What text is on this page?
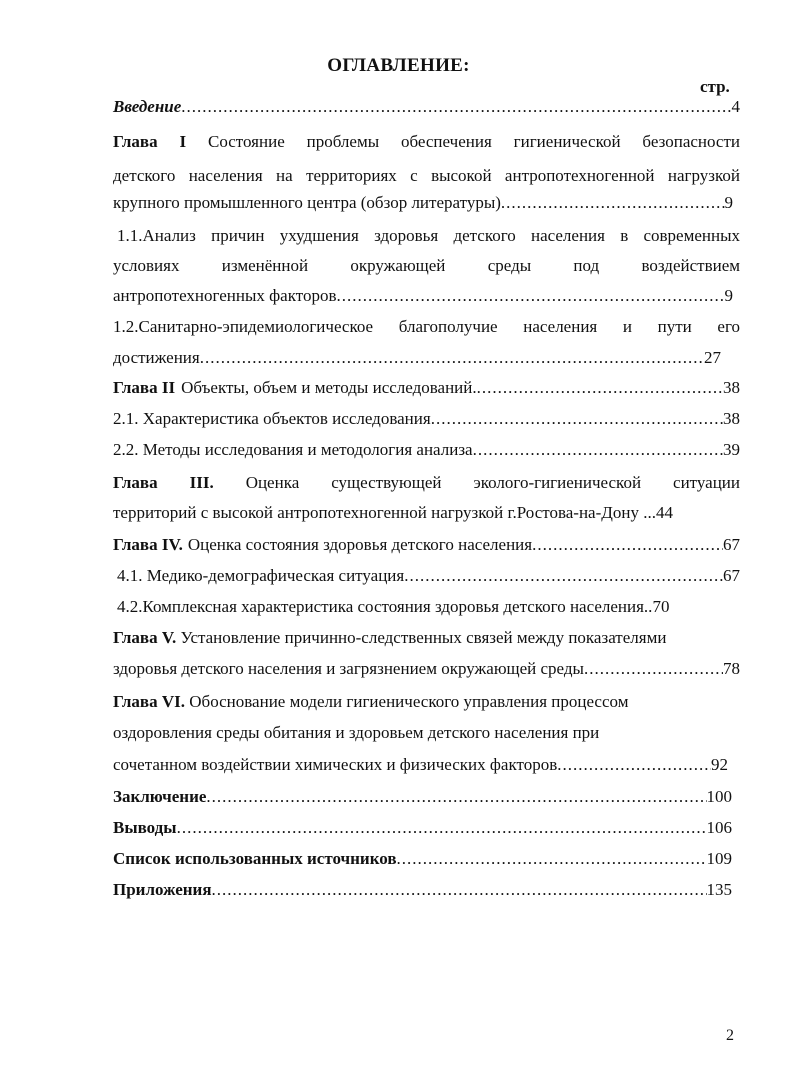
ОГЛАВЛЕНИЕ:
стр.
Введение .....	4
Глава I Состояние проблемы обеспечения гигиенической безопасности
детского населения на территориях с высокой антропотехногенной нагрузкой
крупного промышленного центра (обзор литературы) .....	9
1.1.Анализ причин ухудшения здоровья детского населения в современных
условиях изменённой окружающей среды под воздействием
антропотехногенных факторов .....	9
1.2.Санитарно-эпидемиологическое благополучие населения и пути его
достижения .....	27
Глава II Объекты, объем и методы исследований. .....	38
2.1. Характеристика объектов исследования .....	38
2.2. Методы исследования и методология анализа .....	39
Глава III. Оценка существующей эколого-гигиенической ситуации
территорий с высокой антропотехногенной нагрузкой г.Ростова-на-Дону ... 44
Глава IV. Оценка состояния здоровья детского населения .....	67
4.1. Медико-демографическая ситуация .....	67
4.2.Комплексная характеристика состояния здоровья детского населения.. 70
Глава V. Установление причинно-следственных связей между показателями
здоровья детского населения и загрязнением окружающей среды .....	78
Глава VI. Обоснование модели гигиенического управления процессом
оздоровления среды обитания и здоровьем детского населения при
сочетанном воздействии химических и физических факторов .....	92
Заключение .....	100
Выводы .....	106
Список использованных источников .....	109
Приложения .....	135
2
